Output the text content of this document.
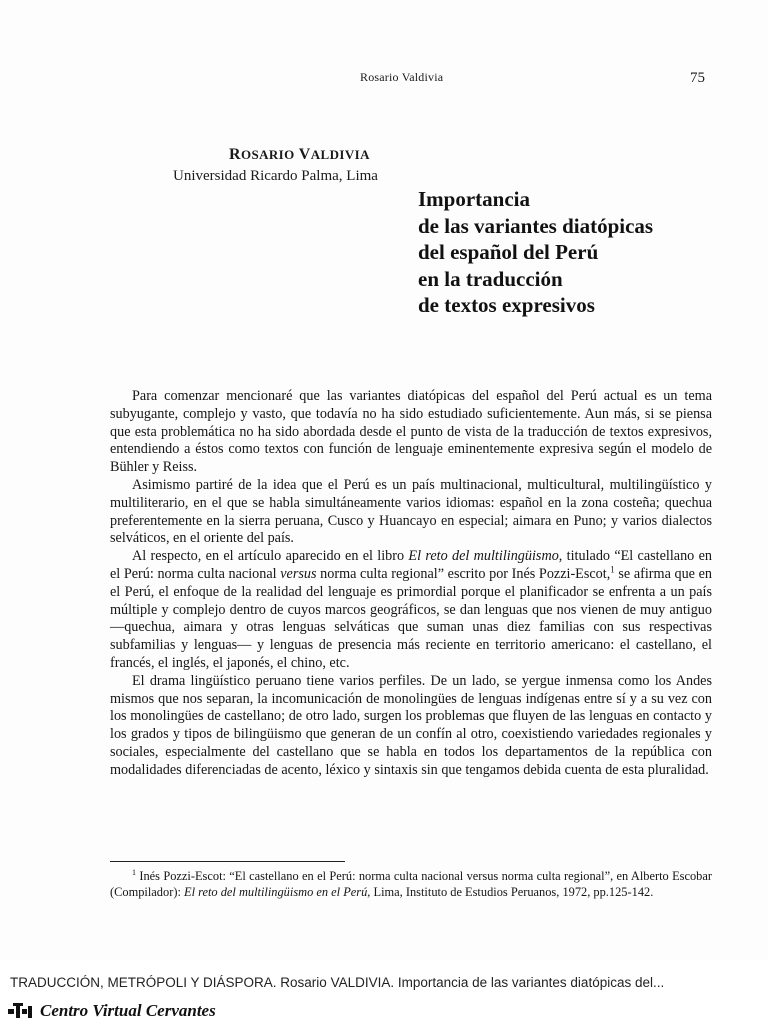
Rosario Valdivia	75
ROSARIO VALDIVIA
Universidad Ricardo Palma, Lima
Importancia
de las variantes diatópicas
del español del Perú
en la traducción
de textos expresivos

Para comenzar mencionaré que las variantes diatópicas del español del Perú actual es un tema subyugante, complejo y vasto, que todavía no ha sido estudiado suficientemente. Aun más, si se piensa que esta problemática no ha sido abordada desde el punto de vista de la traducción de textos expresivos, entendiendo a éstos como textos con función de lenguaje eminentemente expresiva según el modelo de Bühler y Reiss.

Asimismo partiré de la idea que el Perú es un país multinacional, multicultural, multilingüístico y multiliterario, en el que se habla simultáneamente varios idiomas: español en la zona costeña; quechua preferentemente en la sierra peruana, Cusco y Huancayo en especial; aimara en Puno; y varios dialectos selváticos, en el oriente del país.

Al respecto, en el artículo aparecido en el libro El reto del multilingüismo, titulado “El castellano en el Perú: norma culta nacional versus norma culta regional” escrito por Inés Pozzi-Escot,$^1$ se afirma que en el Perú, el enfoque de la realidad del lenguaje es primordial porque el planificador se enfrenta a un país múltiple y complejo dentro de cuyos marcos geográficos, se dan lenguas que nos vienen de muy antiguo —quechua, aimara y otras lenguas selváticas que suman unas diez familias con sus respectivas subfamilias y lenguas— y lenguas de presencia más reciente en territorio americano: el castellano, el francés, el inglés, el japonés, el chino, etc.

El drama lingüístico peruano tiene varios perfiles. De un lado, se yergue inmensa como los Andes mismos que nos separan, la incomunicación de monolingües de lenguas indígenas entre sí y a su vez con los monolingües de castellano; de otro lado, surgen los problemas que fluyen de las lenguas en contacto y los grados y tipos de bilingüismo que generan de un confín al otro, coexistiendo variedades regionales y sociales, especialmente del castellano que se habla en todos los departamentos de la república con modalidades diferenciadas de acento, léxico y sintaxis sin que tengamos debida cuenta de esta pluralidad.

$^1$ Inés Pozzi-Escot: “El castellano en el Perú: norma culta nacional versus norma culta regional”, en Alberto Escobar (Compilador): El reto del multilingüismo en el Perú, Lima, Instituto de Estudios Peruanos, 1972, pp.125-142.

TRADUCCIÓN, METRÓPOLI Y DIÁSPORA. Rosario VALDIVIA. Importancia de las variantes diatópicas del...
Centro Virtual Cervantes
